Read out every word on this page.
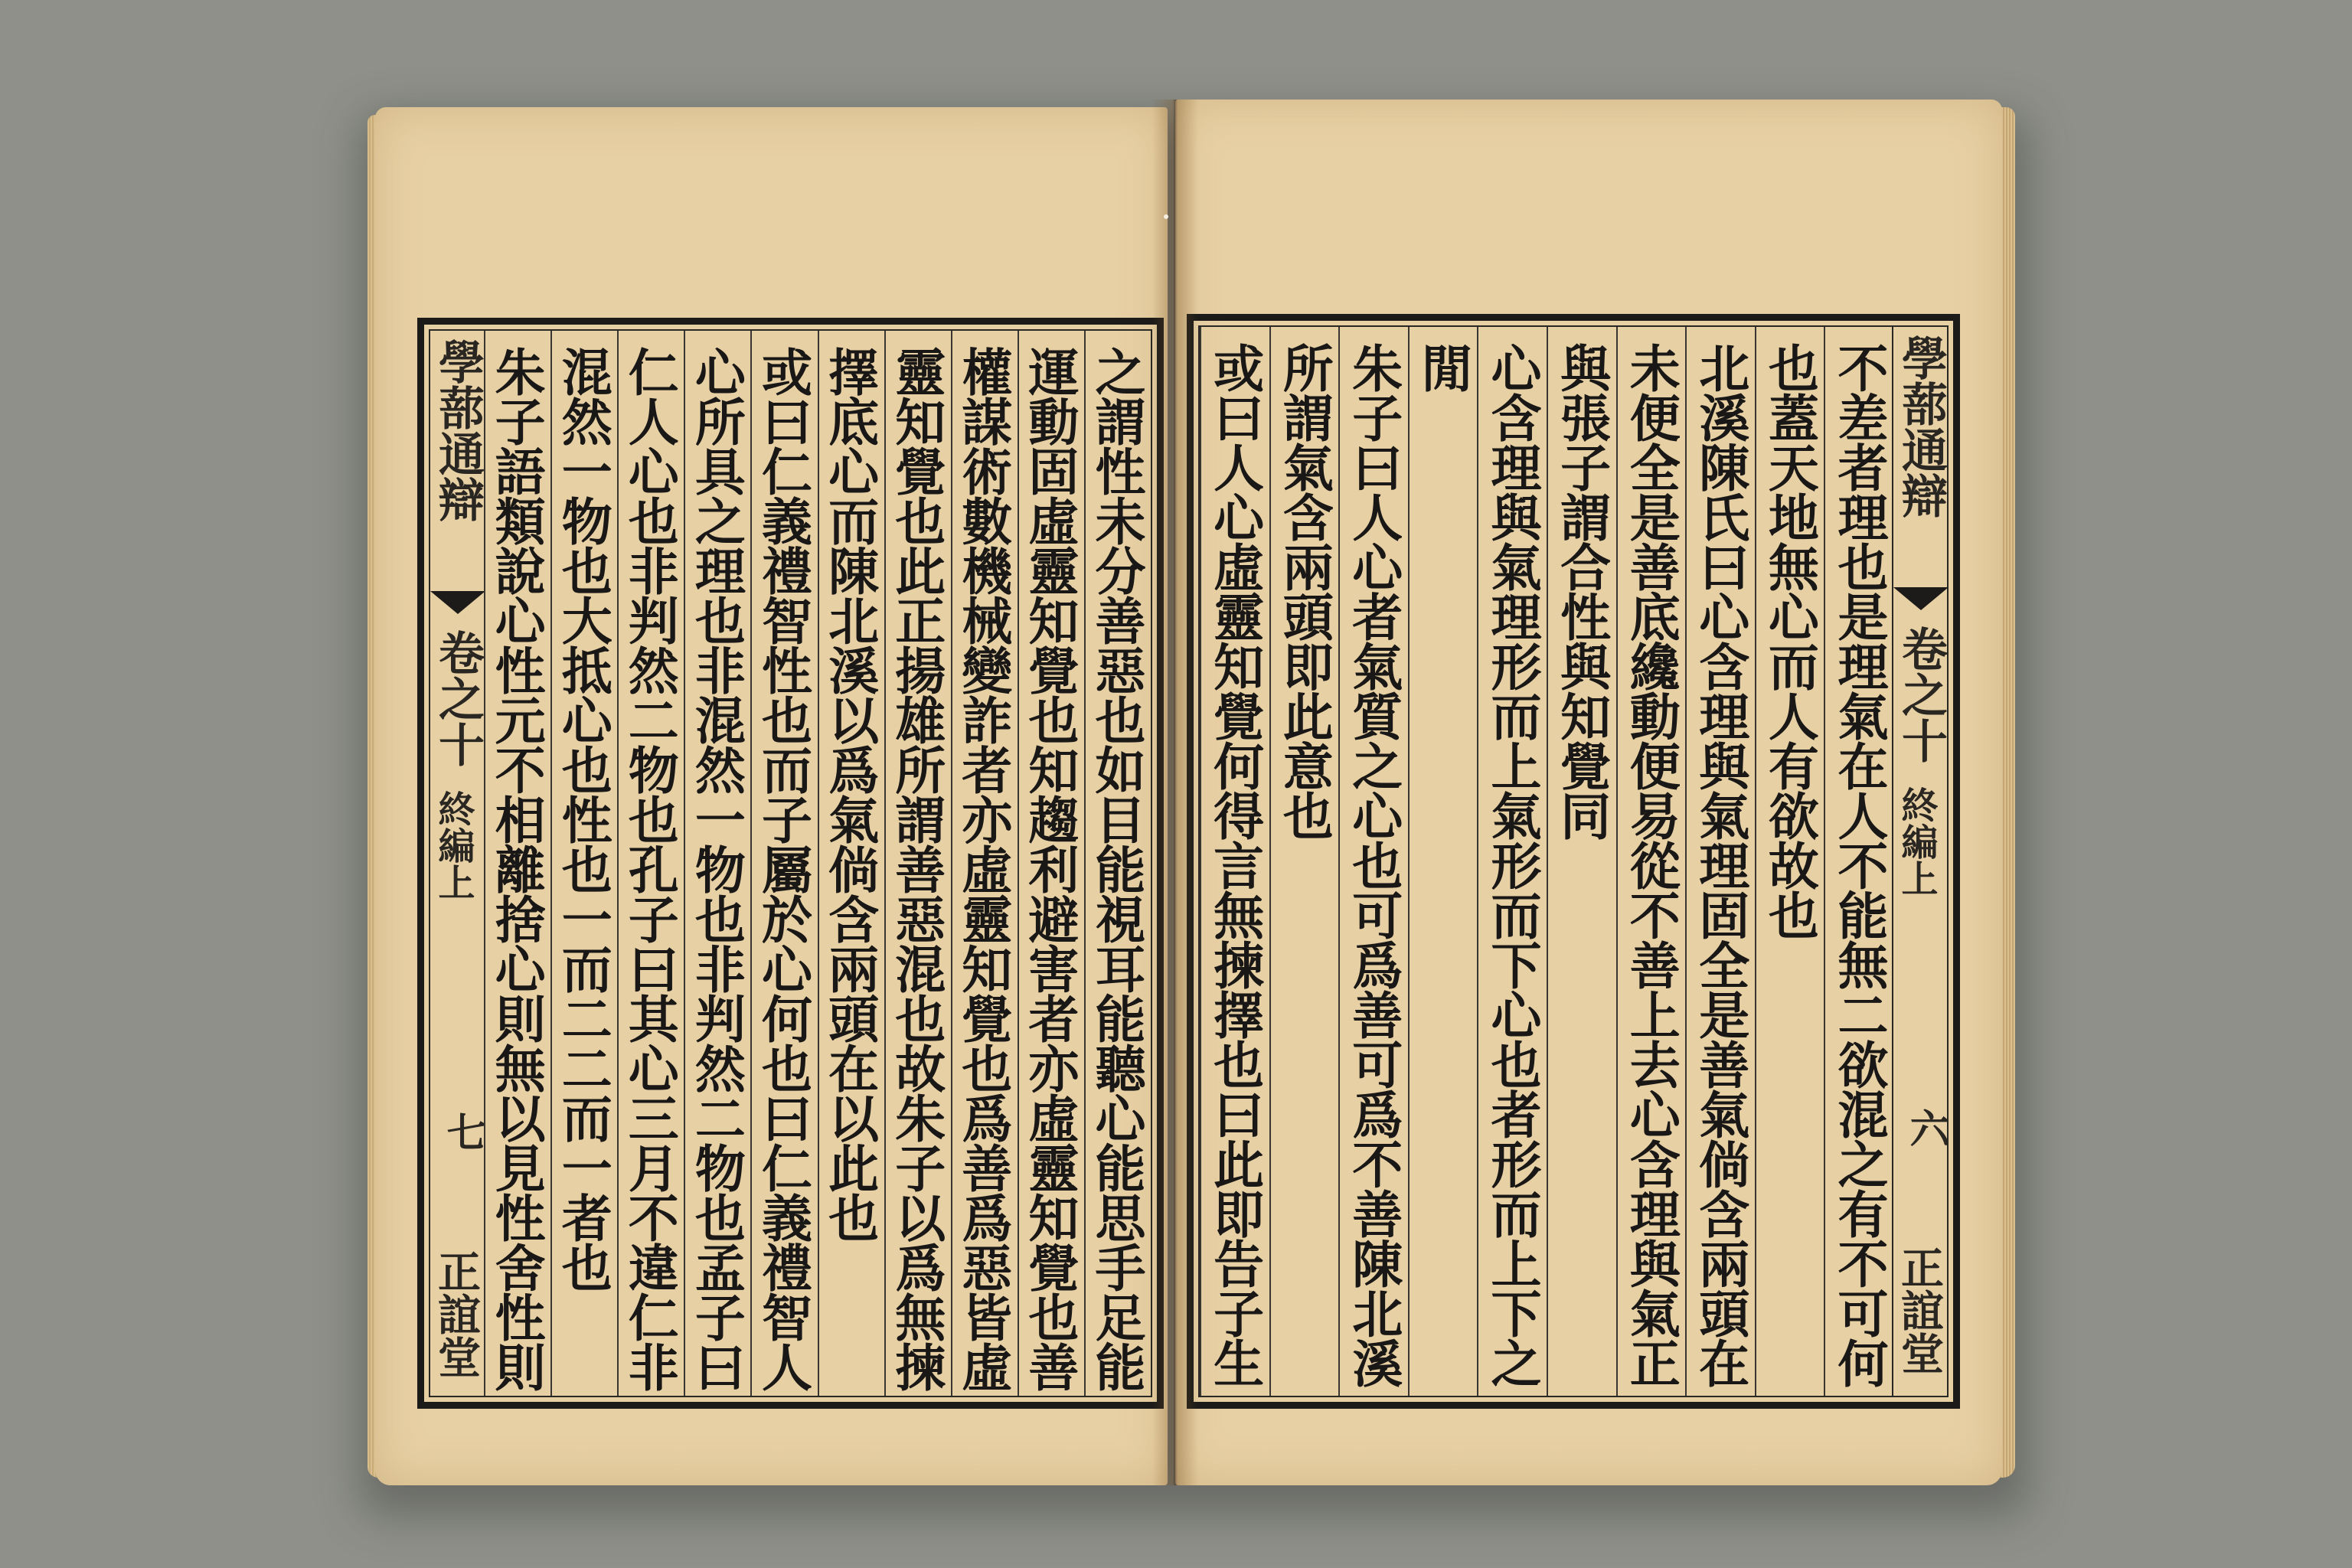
學蔀通辯
卷之十
終編上
七
正誼堂	之謂性未分善惡也如目能視耳能聽心能思手足能
運動固虛靈知覺也知趨利避害者亦虛靈知覺也善
權謀術數機械變詐者亦虛靈知覺也爲善爲惡皆虛
靈知覺也此正揚雄所謂善惡混也故朱子以爲無揀
擇底心而陳北溪以爲氣倘含兩頭在以此也
或曰仁義禮智性也而子屬於心何也曰仁義禮智人
心所具之理也非混然一物也非判然二物也孟子曰
仁人心也非判然二物也孔子曰其心三月不違仁非
混然一物也大抵心也性也一而二二而一者也
朱子語類說心性元不相離捨心則無以見性舍性則	不差者理也是理氣在人不能無二欲混之有不可何
也蓋天地無心而人有欲故也
北溪陳氏曰心含理與氣理固全是善氣倘含兩頭在
未便全是善底纔動便易從不善上去心含理與氣正
與張子謂合性與知覺同
心含理與氣理形而上氣形而下心也者形而上下之
閒
朱子曰人心者氣質之心也可爲善可爲不善陳北溪
所謂氣含兩頭即此意也
或曰人心虛靈知覺何得言無揀擇也曰此即告子生	學蔀通辯
卷之十
終編上
六
正誼堂
